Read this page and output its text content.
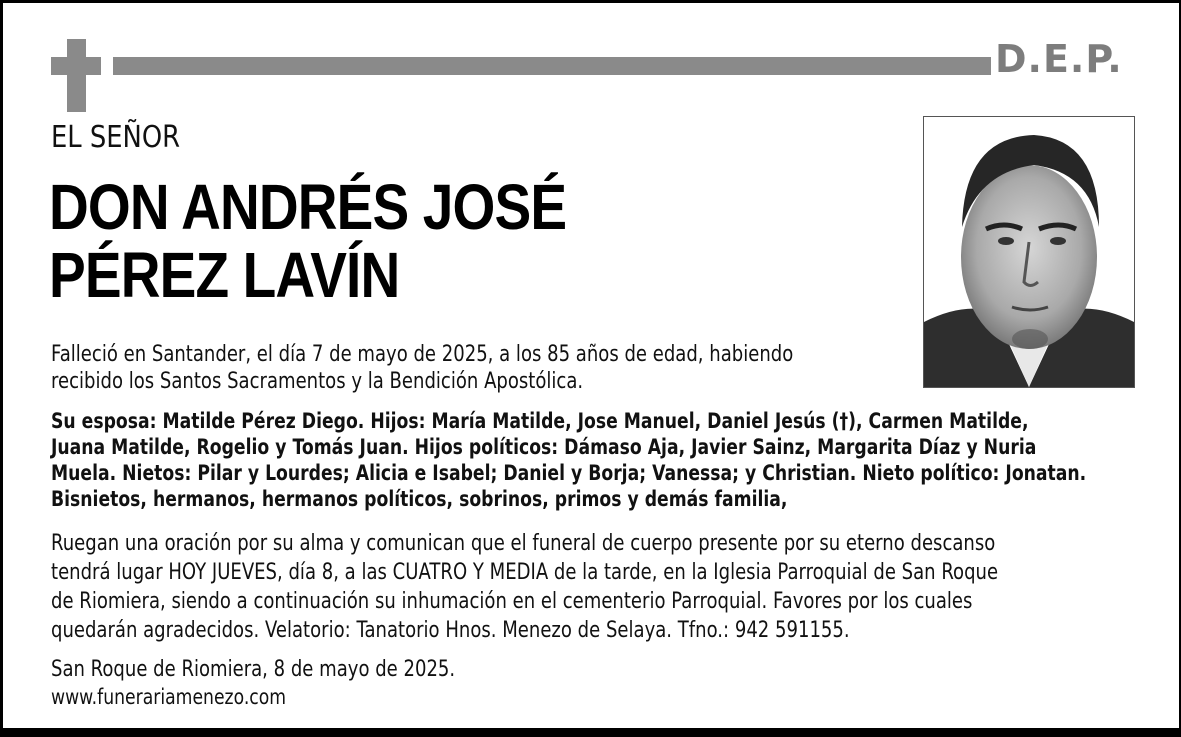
D.E.P.
EL SEÑOR
DON ANDRÉS JOSÉ
PÉREZ LAVÍN
Falleció en Santander, el día 7 de mayo de 2025, a los 85 años de edad, habiendo
recibido los Santos Sacramentos y la Bendición Apostólica.
Su esposa: Matilde Pérez Diego. Hijos: María Matilde, Jose Manuel, Daniel Jesús (†), Carmen Matilde,
Juana Matilde, Rogelio y Tomás Juan. Hijos políticos: Dámaso Aja, Javier Sainz, Margarita Díaz y Nuria
Muela. Nietos: Pilar y Lourdes; Alicia e Isabel; Daniel y Borja; Vanessa; y Christian. Nieto político: Jonatan.
Bisnietos, hermanos, hermanos políticos, sobrinos, primos y demás familia,
Ruegan una oración por su alma y comunican que el funeral de cuerpo presente por su eterno descanso
tendrá lugar HOY JUEVES, día 8, a las CUATRO Y MEDIA de la tarde, en la Iglesia Parroquial de San Roque
de Riomiera, siendo a continuación su inhumación en el cementerio Parroquial. Favores por los cuales
quedarán agradecidos. Velatorio: Tanatorio Hnos. Menezo de Selaya. Tfno.: 942 591155.
San Roque de Riomiera, 8 de mayo de 2025.
www.funerariamenezo.com
